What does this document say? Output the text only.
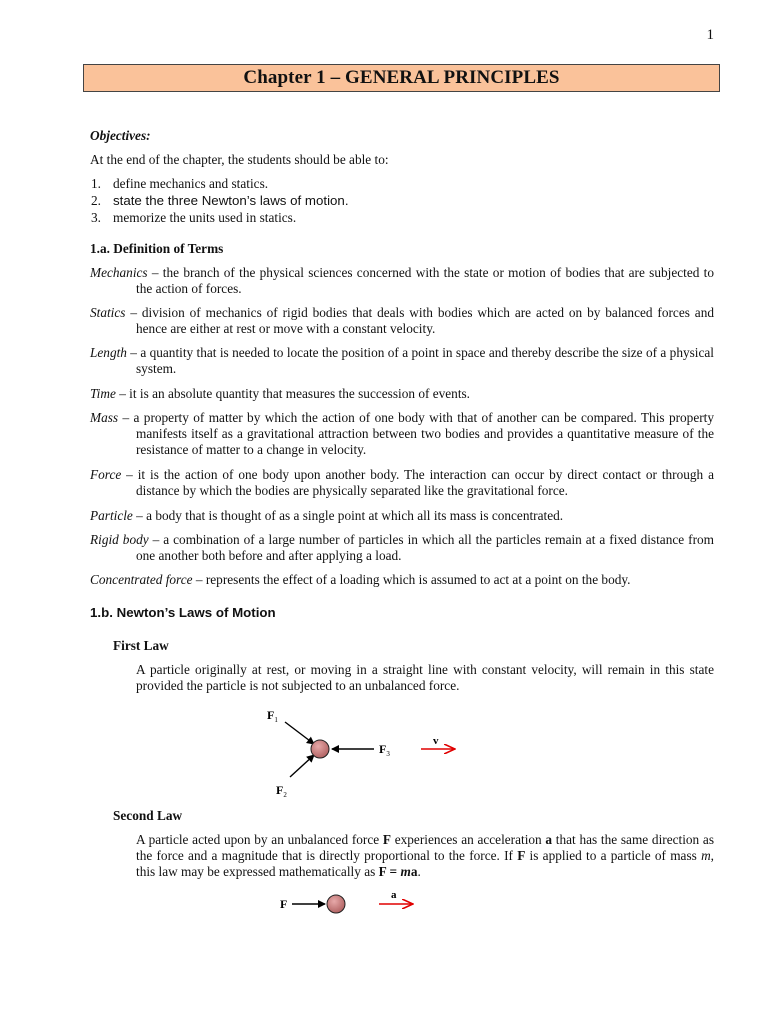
1
Chapter 1 – GENERAL PRINCIPLES
Objectives:
At the end of the chapter, the students should be able to:
1. define mechanics and statics.
2. state the three Newton’s laws of motion.
3. memorize the units used in statics.
1.a. Definition of Terms
Mechanics – the branch of the physical sciences concerned with the state or motion of bodies that are subjected to the action of forces.
Statics – division of mechanics of rigid bodies that deals with bodies which are acted on by balanced forces and hence are either at rest or move with a constant velocity.
Length – a quantity that is needed to locate the position of a point in space and thereby describe the size of a physical system.
Time – it is an absolute quantity that measures the succession of events.
Mass – a property of matter by which the action of one body with that of another can be compared. This property manifests itself as a gravitational attraction between two bodies and provides a quantitative measure of the resistance of matter to a change in velocity.
Force – it is the action of one body upon another body. The interaction can occur by direct contact or through a distance by which the bodies are physically separated like the gravitational force.
Particle – a body that is thought of as a single point at which all its mass is concentrated.
Rigid body – a combination of a large number of particles in which all the particles remain at a fixed distance from one another both before and after applying a load.
Concentrated force – represents the effect of a loading which is assumed to act at a point on the body.
1.b. Newton’s Laws of Motion
First Law
A particle originally at rest, or moving in a straight line with constant velocity, will remain in this state provided the particle is not subjected to an unbalanced force.
$F_1$
$F_2$
$F_3$
v
Second Law
A particle acted upon by an unbalanced force F experiences an acceleration a that has the same direction as the force and a magnitude that is directly proportional to the force. If F is applied to a particle of mass m, this law may be expressed mathematically as F = ma.
F
a
